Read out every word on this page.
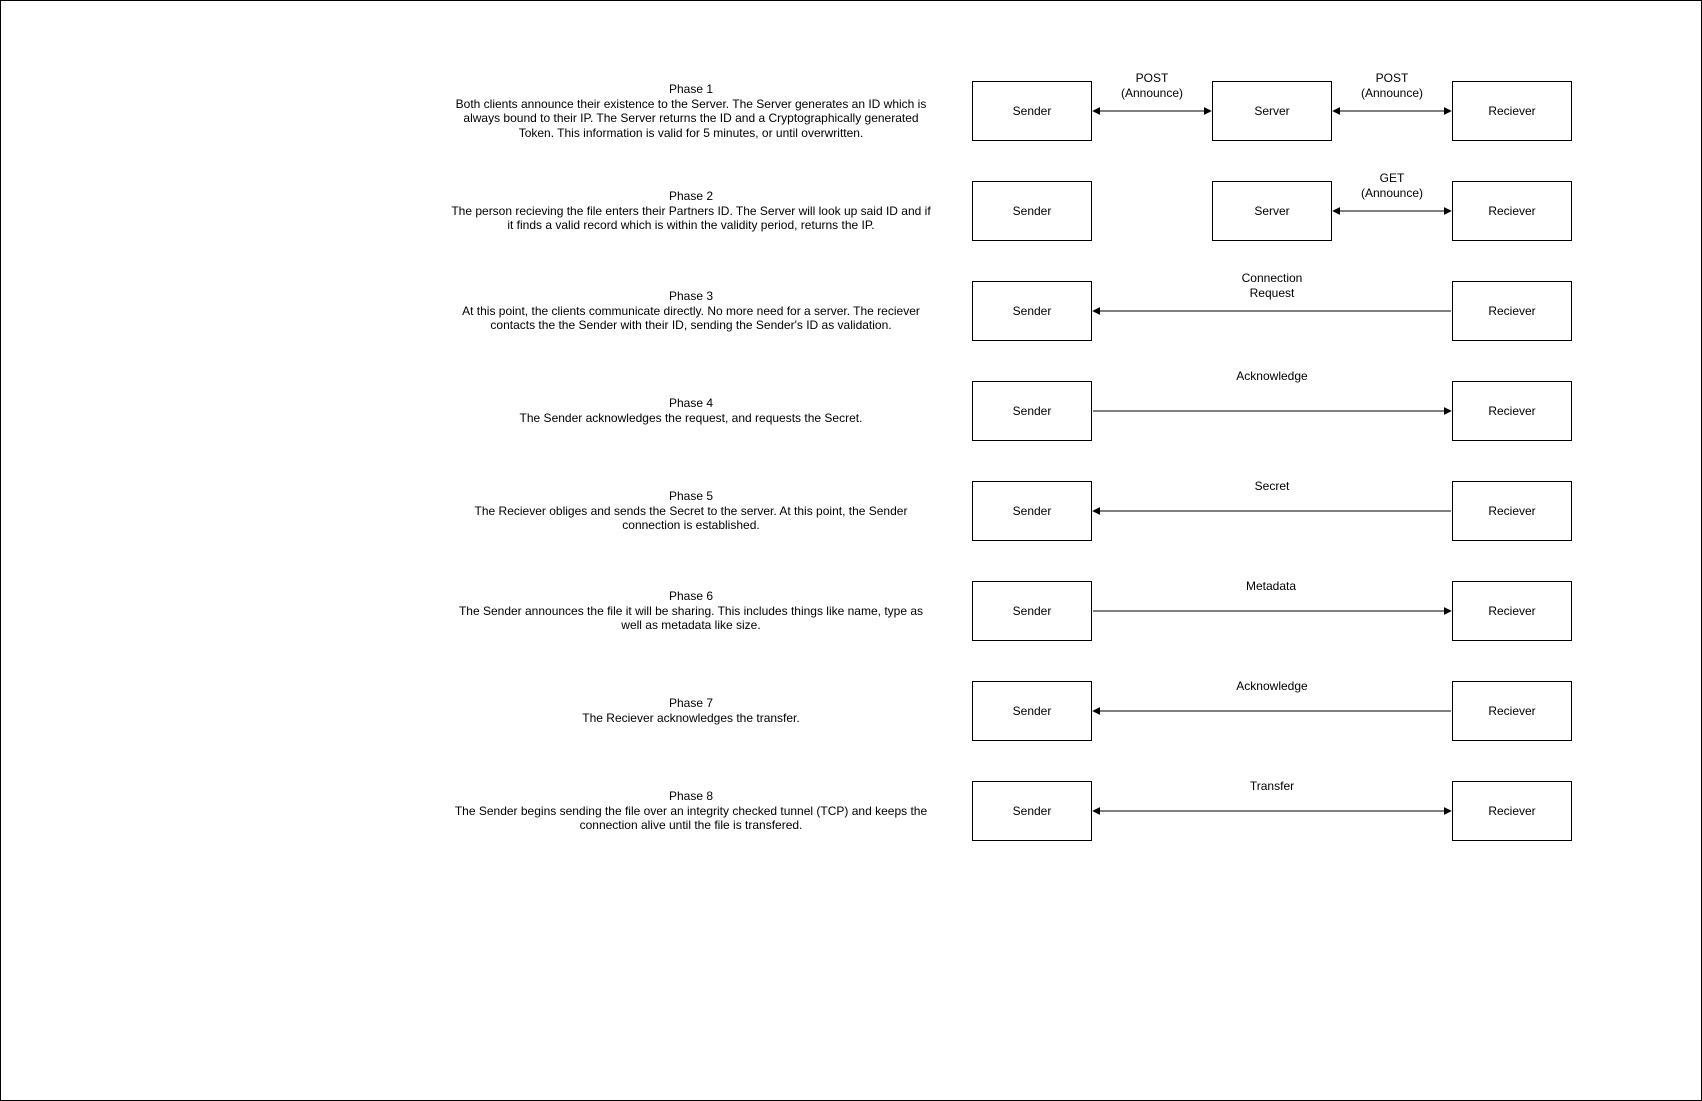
Phase 1
Both clients announce their existence to the Server. The Server generates an ID which is always bound to their IP. The Server returns the ID and a Cryptographically generated Token. This information is valid for 5 minutes, or until overwritten.
Phase 2
The person recieving the file enters their Partners ID. The Server will look up said ID and if it finds a valid record which is within the validity period, returns the IP.
Phase 3
At this point, the clients communicate directly. No more need for a server. The reciever contacts the the Sender with their ID, sending the Sender's ID as validation.
Phase 4
The Sender acknowledges the request, and requests the Secret.
Phase 5
The Reciever obliges and sends the Secret to the server. At this point, the Sender connection is established.
Phase 6
The Sender announces the file it will be sharing. This includes things like name, type as well as metadata like size.
Phase 7
The Reciever acknowledges the transfer.
Phase 8
The Sender begins sending the file over an integrity checked tunnel (TCP) and keeps the connection alive until the file is transfered.
Sender	Server	Reciever
Sender	Server	Reciever
Sender	Reciever
Sender	Reciever
Sender	Reciever
Sender	Reciever
Sender	Reciever
Sender	Reciever
POST
(Announce)
POST
(Announce)
GET
(Announce)
Connection
Request
Acknowledge
Secret
Metadata
Acknowledge
Transfer
